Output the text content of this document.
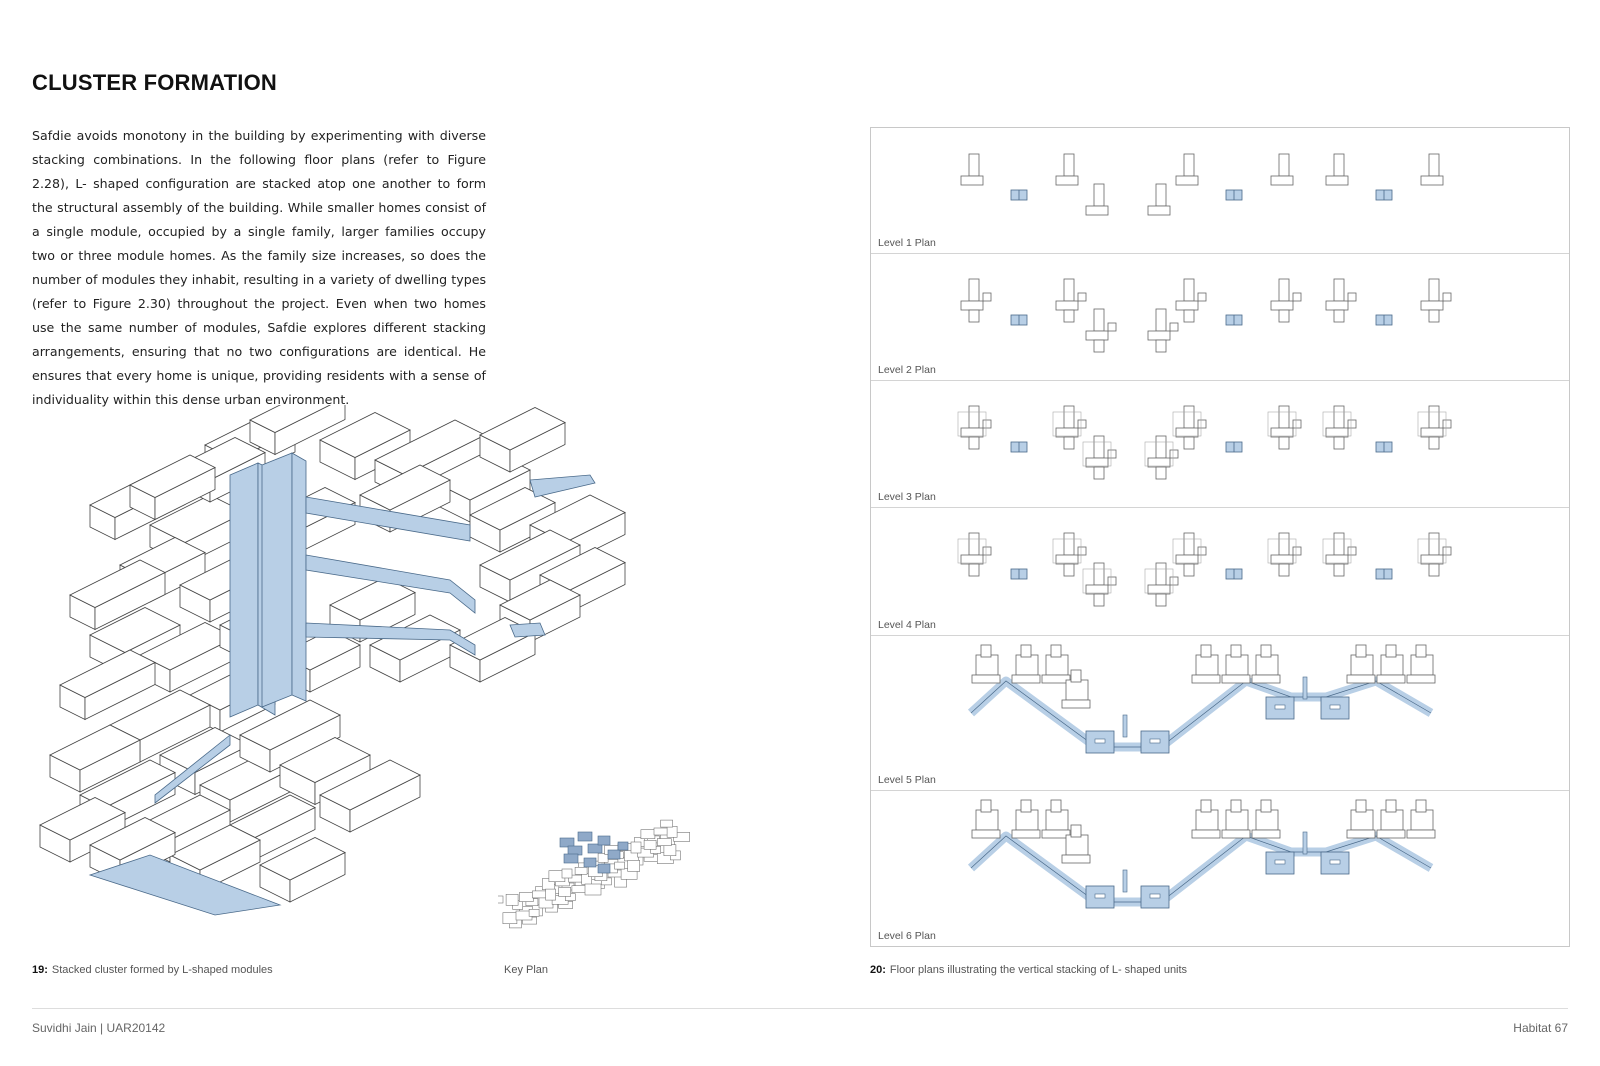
CLUSTER FORMATION
Safdie avoids monotony in the building by experimenting with diverse stacking combinations. In the following floor plans (refer to Figure 2.28), L- shaped configuration are stacked atop one another to form the structural assembly of the building. While smaller homes consist of a single module, occupied by a single family, larger families occupy two or three module homes. As the family size increases, so does the number of modules they inhabit, resulting in a variety of dwelling types (refer to Figure 2.30) throughout the project. Even when two homes use the same number of modules, Safdie explores different stacking arrangements, ensuring that no two configurations are identical. He ensures that every home is unique, providing residents with a sense of individuality within this dense urban environment.
Level 1 Plan
Level 2 Plan
Level 3 Plan
Level 4 Plan
Level 5 Plan
Level 6 Plan
19: Stacked cluster formed by L-shaped modules	Key Plan	20: Floor plans illustrating the vertical stacking of L- shaped units
Suvidhi Jain | UAR20142	Habitat 67
